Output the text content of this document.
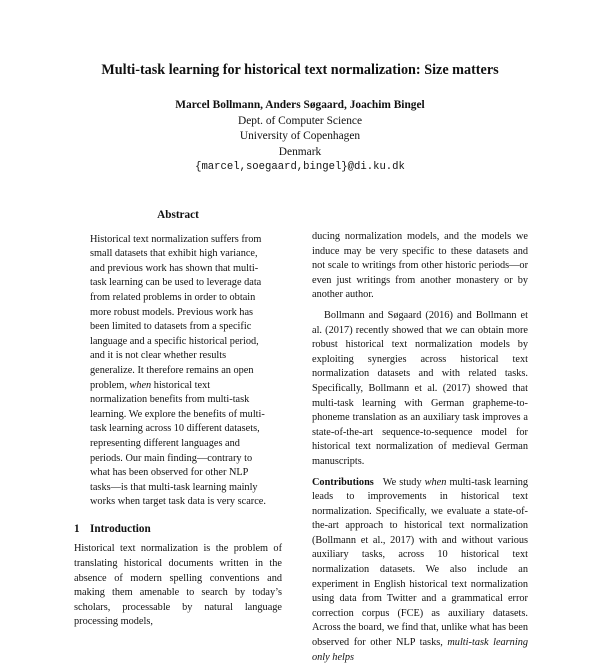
Multi-task learning for historical text normalization: Size matters
Marcel Bollmann, Anders Søgaard, Joachim Bingel
Dept. of Computer Science
University of Copenhagen
Denmark
{marcel,soegaard,bingel}@di.ku.dk
Abstract

Historical text normalization suffers from small datasets that exhibit high variance, and previous work has shown that multi-task learning can be used to leverage data from related problems in order to obtain more robust models. Previous work has been limited to datasets from a specific language and a specific historical period, and it is not clear whether results generalize. It therefore remains an open problem, when historical text normalization benefits from multi-task learning. We explore the benefits of multi-task learning across 10 different datasets, representing different languages and periods. Our main finding—contrary to what has been observed for other NLP tasks—is that multi-task learning mainly works when target task data is very scarce.

1 Introduction

Historical text normalization is the problem of translating historical documents written in the absence of modern spelling conventions and making them amenable to search by today’s scholars, processable by natural language processing models,

ducing normalization models, and the models we induce may be very specific to these datasets and not scale to writings from other historic periods—or even just writings from another monastery or by another author.

Bollmann and Søgaard (2016) and Bollmann et al. (2017) recently showed that we can obtain more robust historical text normalization models by exploiting synergies across historical text normalization datasets and with related tasks. Specifically, Bollmann et al. (2017) showed that multi-task learning with German grapheme-to-phoneme translation as an auxiliary task improves a state-of-the-art sequence-to-sequence model for historical text normalization of medieval German manuscripts.

Contributions   We study when multi-task learning leads to improvements in historical text normalization. Specifically, we evaluate a state-of-the-art approach to historical text normalization (Bollmann et al., 2017) with and without various auxiliary tasks, across 10 historical text normalization datasets. We also include an experiment in English historical text normalization using data from Twitter and a grammatical error correction corpus (FCE) as auxiliary datasets. Across the board, we find that, unlike what has been observed for other NLP tasks, multi-task learning only helps
